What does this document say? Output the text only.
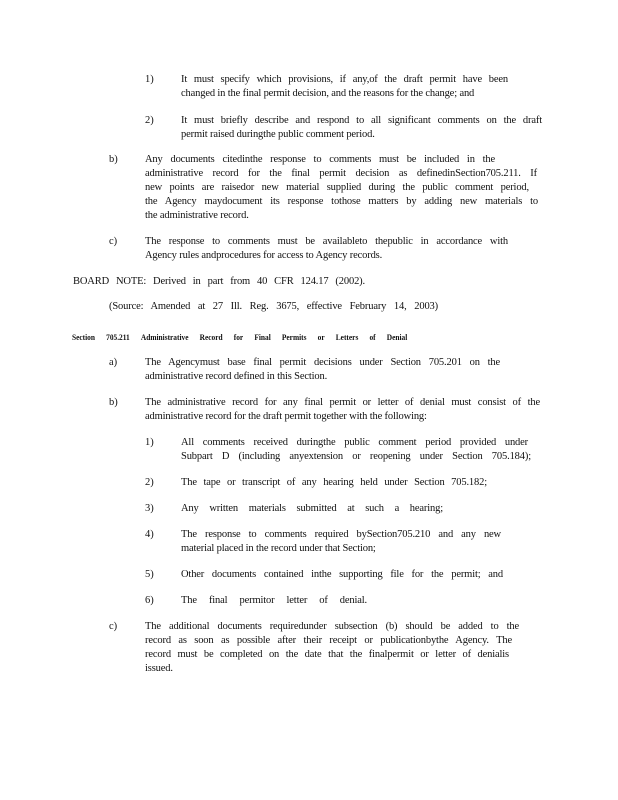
1)	It must specify which provisions, if any,of the draft permit have been
changed in the final permit decision, and the reasons for the change; and
2)	It must briefly describe and respond to all significant comments on the draft
permit raised duringthe public comment period.
b)	Any documents citedinthe response to comments must be included in the
administrative record for the final permit decision as definedinSection705.211. If
new points are raisedor new material supplied during the public comment period,
the Agency maydocument its response tothose matters by adding new materials to
the administrative record.
c)	The response to comments must be availableto thepublic in accordance with
Agency rules andprocedures for access to Agency records.
BOARD NOTE: Derived in part from 40 CFR 124.17 (2002).
(Source: Amended at 27 Ill. Reg. 3675, effective February 14, 2003)
Section 705.211 Administrative Record for Final Permits or Letters of Denial
a)	The Agencymust base final permit decisions under Section 705.201 on the
administrative record defined in this Section.
b)	The administrative record for any final permit or letter of denial must consist of the
administrative record for the draft permit together with the following:
1)	All comments received duringthe public comment period provided under
Subpart D (including anyextension or reopening under Section 705.184);
2)	The tape or transcript of any hearing held under Section 705.182;
3)	Any written materials submitted at such a hearing;
4)	The response to comments required bySection705.210 and any new
material placed in the record under that Section;
5)	Other documents contained inthe supporting file for the permit; and
6)	The final permitor letter of denial.
c)	The additional documents requiredunder subsection (b) should be added to the
record as soon as possible after their receipt or publicationbythe Agency. The
record must be completed on the date that the finalpermit or letter of denialis
issued.
